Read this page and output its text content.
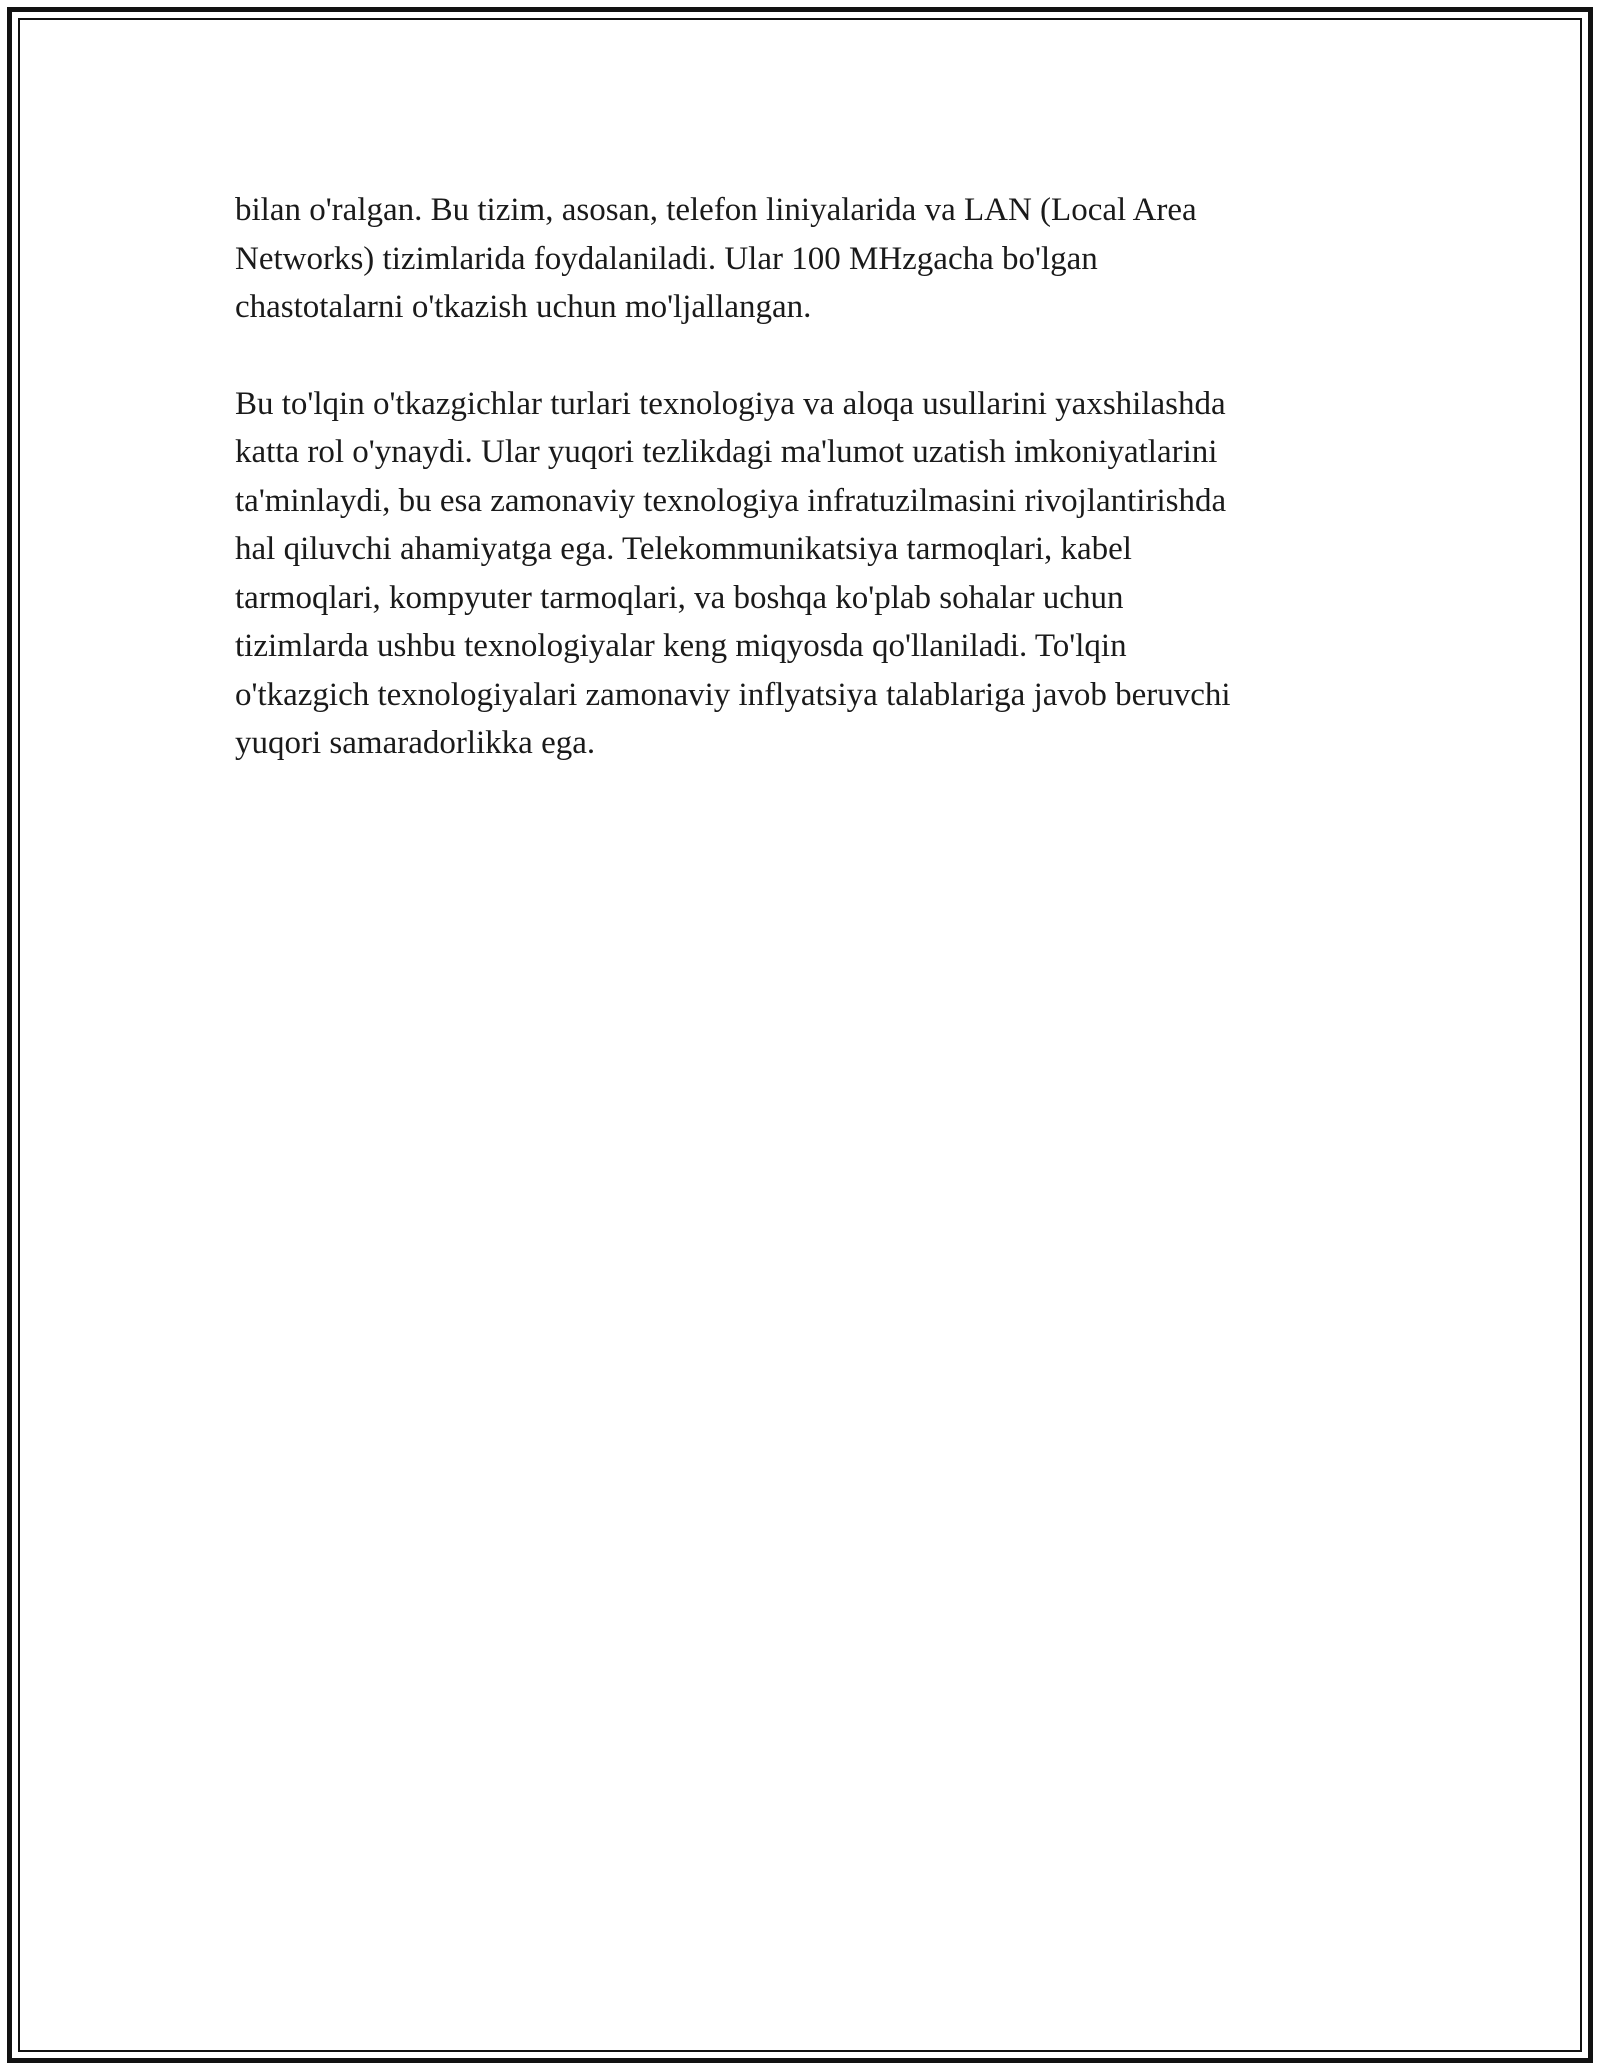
bilan o'ralgan. Bu tizim, asosan, telefon liniyalarida va LAN (Local Area
Networks) tizimlarida foydalaniladi. Ular 100 MHzgacha bo'lgan
chastotalarni o'tkazish uchun mo'ljallangan.

Bu to'lqin o'tkazgichlar turlari texnologiya va aloqa usullarini yaxshilashda
katta rol o'ynaydi. Ular yuqori tezlikdagi ma'lumot uzatish imkoniyatlarini
ta'minlaydi, bu esa zamonaviy texnologiya infratuzilmasini rivojlantirishda
hal qiluvchi ahamiyatga ega. Telekommunikatsiya tarmoqlari, kabel
tarmoqlari, kompyuter tarmoqlari, va boshqa ko'plab sohalar uchun
tizimlarda ushbu texnologiyalar keng miqyosda qo'llaniladi. To'lqin
o'tkazgich texnologiyalari zamonaviy inflyatsiya talablariga javob beruvchi
yuqori samaradorlikka ega.
